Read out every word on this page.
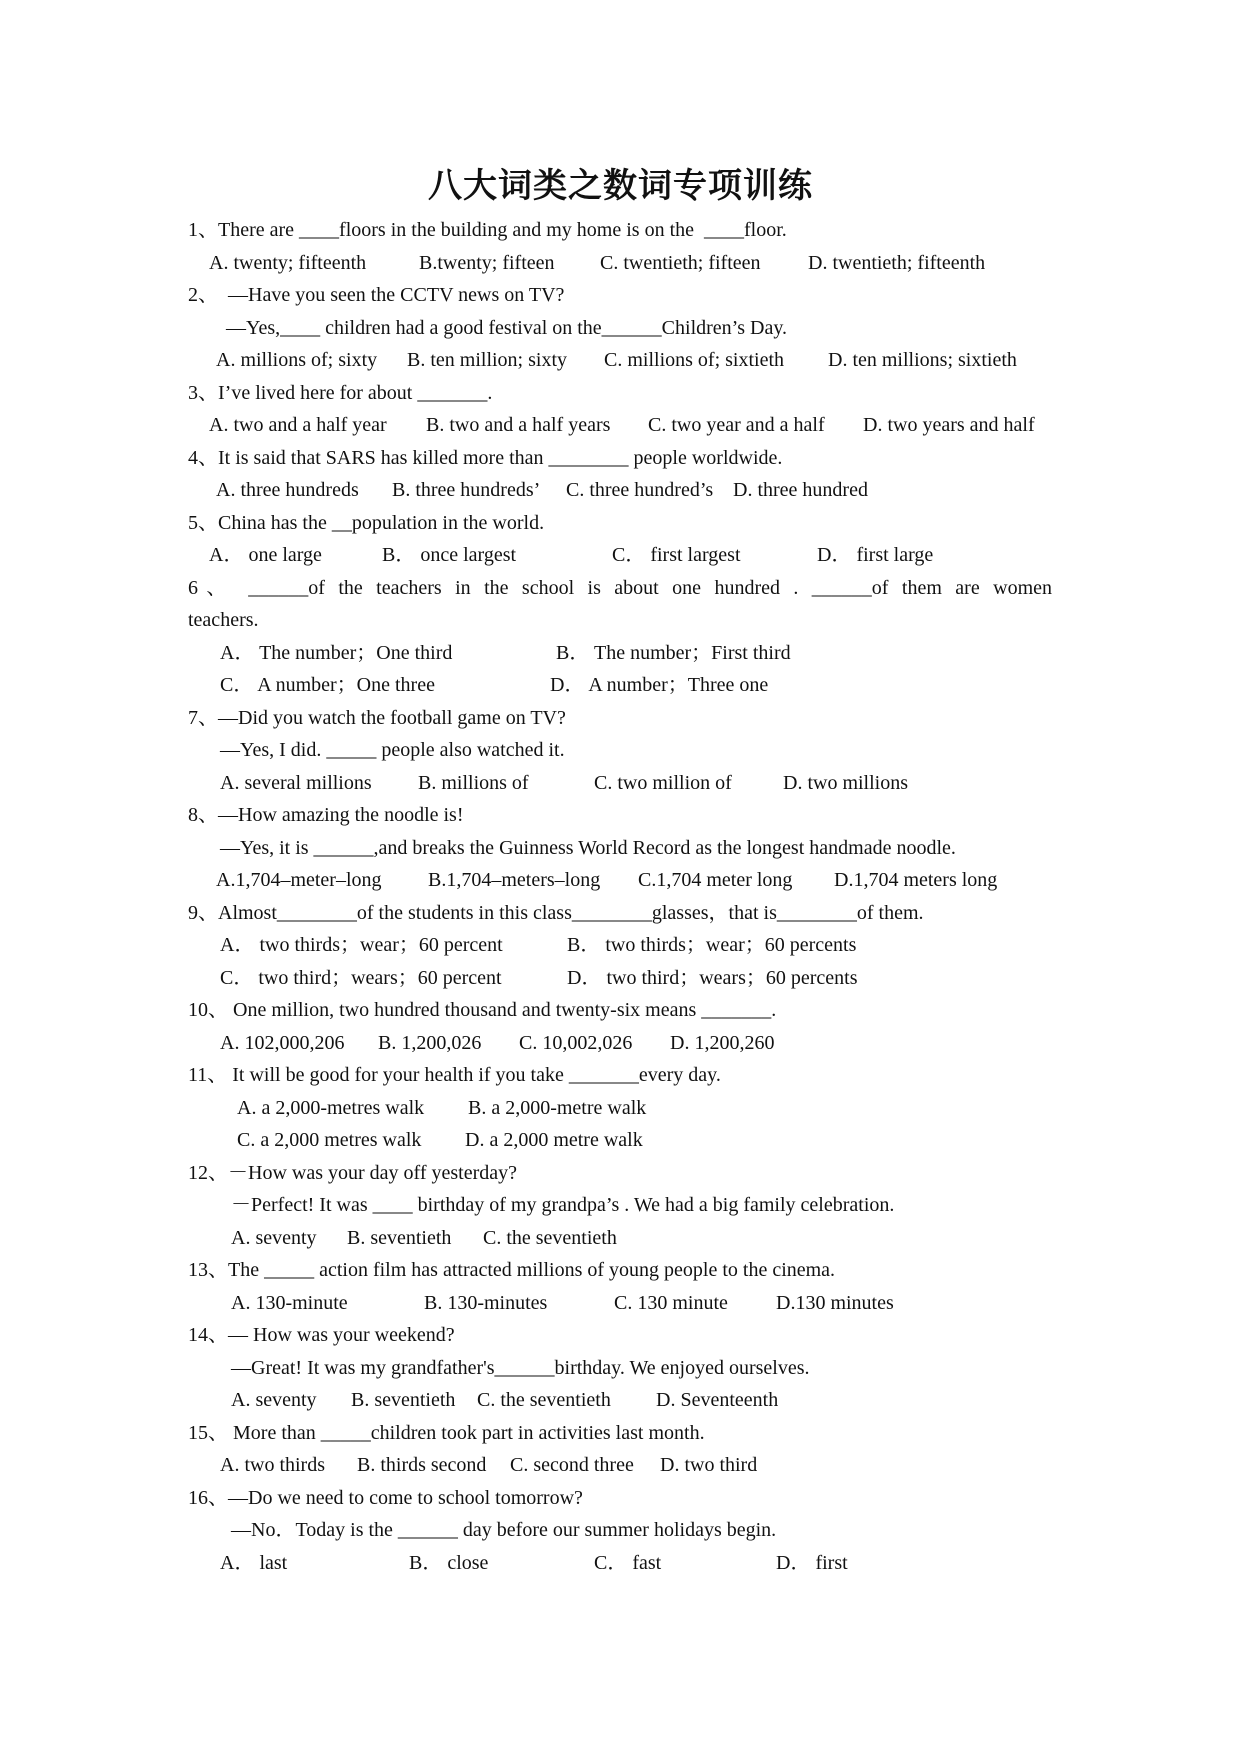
八大词类之数词专项训练
1、There are ____floors in the building and my home is on the  ____floor.
A. twenty; fifteenth	B.twenty; fifteen C. twentieth; fifteen D. twentieth; fifteenth
2、  —Have you seen the CCTV news on TV?
—Yes,____ children had a good festival on the______Children’s Day.
A. millions of; sixty B. ten million; sixty C. millions of; sixtieth D. ten millions; sixtieth
3、I’ve lived here for about _______.
A. two and a half year B. two and a half years C. two year and a half D. two years and half
4、It is said that SARS has killed more than ________ people worldwide.
A. three hundreds B. three hundreds’ C. three hundred’s D. three hundred
5、China has the __population in the world.
A． one large	B． once largest	C． first largest	D． first large
6、 ______of the teachers in the school is about one hundred . ______of them are women
teachers.
A． The number；One third	B． The number；First third
C． A number；One three	D． A number；Three one
7、—Did you watch the football game on TV?
—Yes, I did. _____ people also watched it.
A. several millions B. millions of	C. two million of	D. two millions
8、—How amazing the noodle is!
—Yes, it is ______,and breaks the Guinness World Record as the longest handmade noodle.
A.1,704–meter–long B.1,704–meters–long C.1,704 meter long D.1,704 meters long
9、Almost________of the students in this class________glasses，that is________of them.
A． two thirds；wear；60 percent	B． two thirds；wear；60 percents
C． two third；wears；60 percent	D． two third；wears；60 percents
10、 One million, two hundred thousand and twenty-six means _______.
A. 102,000,206 B. 1,200,026 C. 10,002,026 D. 1,200,260
11、 It will be good for your health if you take _______every day.
A. a 2,000-metres walk B. a 2,000-metre walk
C. a 2,000 metres walk D. a 2,000 metre walk
12、－How was your day off yesterday?
－Perfect! It was ____ birthday of my grandpa’s . We had a big family celebration.
A. seventy B. seventieth C. the seventieth
13、The _____ action film has attracted millions of young people to the cinema.
A. 130-minute	B. 130-minutes	C. 130 minute D.130 minutes
14、— How was your weekend?
—Great! It was my grandfather's______birthday. We enjoyed ourselves.
A. seventy B. seventieth C. the seventieth D. Seventeenth
15、 More than _____children took part in activities last month.
A. two thirds B. thirds second C. second three D. two third
16、—Do we need to come to school tomorrow?
—No．Today is the ______ day before our summer holidays begin.
A． last	B． close	C． fast	D． first
